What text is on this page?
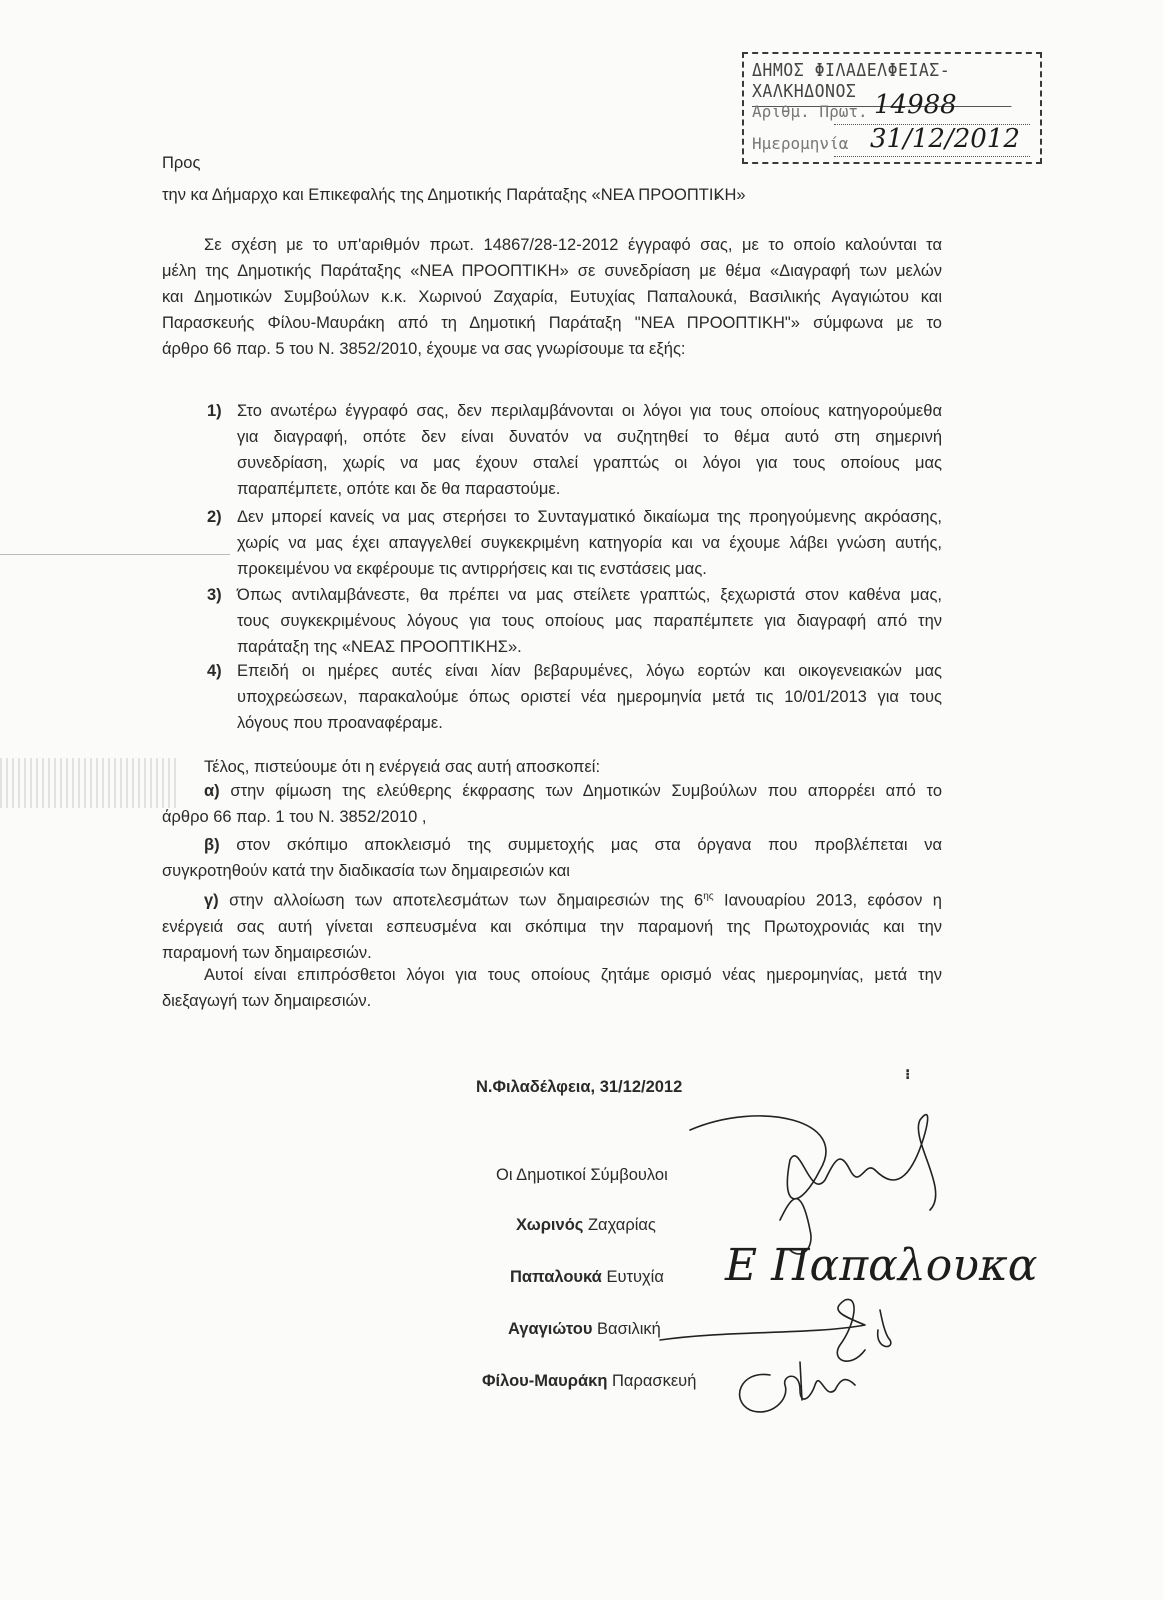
ΔΗΜΟΣ ΦΙΛΑΔΕΛΦΕΙΑΣ-ΧΑΛΚΗΔΟΝΟΣ
Αριθμ. Πρωτ. 14988
Ημερομηνία 31/12/2012
Προς
την κα Δήμαρχο και Επικεφαλής της Δημοτικής Παράταξης «ΝΕΑ ΠΡΟΟΠΤΙΚΗ»
Σε σχέση με το υπ'αριθμόν πρωτ. 14867/28-12-2012 έγγραφό σας, με το οποίο καλούνται τα
μέλη της Δημοτικής Παράταξης «ΝΕΑ ΠΡΟΟΠΤΙΚΗ» σε συνεδρίαση με θέμα «Διαγραφή των μελών
και Δημοτικών Συμβούλων κ.κ. Χωρινού Ζαχαρία, Ευτυχίας Παπαλουκά, Βασιλικής Αγαγιώτου και
Παρασκευής Φίλου-Μαυράκη από τη Δημοτική Παράταξη "ΝΕΑ ΠΡΟΟΠΤΙΚΗ"» σύμφωνα με το
άρθρο 66 παρ. 5 του Ν. 3852/2010, έχουμε να σας γνωρίσουμε τα εξής:
1) Στο ανωτέρω έγγραφό σας, δεν περιλαμβάνονται οι λόγοι για τους οποίους κατηγορούμεθα
για διαγραφή, οπότε δεν είναι δυνατόν να συζητηθεί το θέμα αυτό στη σημερινή
συνεδρίαση, χωρίς να μας έχουν σταλεί γραπτώς οι λόγοι για τους οποίους μας
παραπέμπετε, οπότε και δε θα παραστούμε.
2) Δεν μπορεί κανείς να μας στερήσει το Συνταγματικό δικαίωμα της προηγούμενης ακρόασης,
χωρίς να μας έχει απαγγελθεί συγκεκριμένη κατηγορία και να έχουμε λάβει γνώση αυτής,
προκειμένου να εκφέρουμε τις αντιρρήσεις και τις ενστάσεις μας.
3) Όπως αντιλαμβάνεστε, θα πρέπει να μας στείλετε γραπτώς, ξεχωριστά στον καθένα μας,
τους συγκεκριμένους λόγους για τους οποίους μας παραπέμπετε για διαγραφή από την
παράταξη της «ΝΕΑΣ ΠΡΟΟΠΤΙΚΗΣ».
4) Επειδή οι ημέρες αυτές είναι λίαν βεβαρυμένες, λόγω εορτών και οικογενειακών μας
υποχρεώσεων, παρακαλούμε όπως οριστεί νέα ημερομηνία μετά τις 10/01/2013 για τους
λόγους που προαναφέραμε.
Τέλος, πιστεύουμε ότι η ενέργειά σας αυτή αποσκοπεί:
α) στην φίμωση της ελεύθερης έκφρασης των Δημοτικών Συμβούλων που απορρέει από το
άρθρο 66 παρ. 1 του Ν. 3852/2010 ,
β) στον σκόπιμο αποκλεισμό της συμμετοχής μας στα όργανα που προβλέπεται να
συγκροτηθούν κατά την διαδικασία των δημαιρεσιών και
γ) στην αλλοίωση των αποτελεσμάτων των δημαιρεσιών της $6^{\eta\varsigma}$ Ιανουαρίου 2013, εφόσον η
ενέργειά σας αυτή γίνεται εσπευσμένα και σκόπιμα την παραμονή της Πρωτοχρονιάς και την
παραμονή των δημαιρεσιών.
Αυτοί είναι επιπρόσθετοι λόγοι για τους οποίους ζητάμε ορισμό νέας ημερομηνίας, μετά την
διεξαγωγή των δημαιρεσιών.
Ν.Φιλαδέλφεια, 31/12/2012
⁝
Οι Δημοτικοί Σύμβουλοι
Χωρινός Ζαχαρίας
Παπαλουκά Ευτυχία
Αγαγιώτου Βασιλική
Φίλου-Μαυράκη Παρασκευή
Ε Παπαλουκα
